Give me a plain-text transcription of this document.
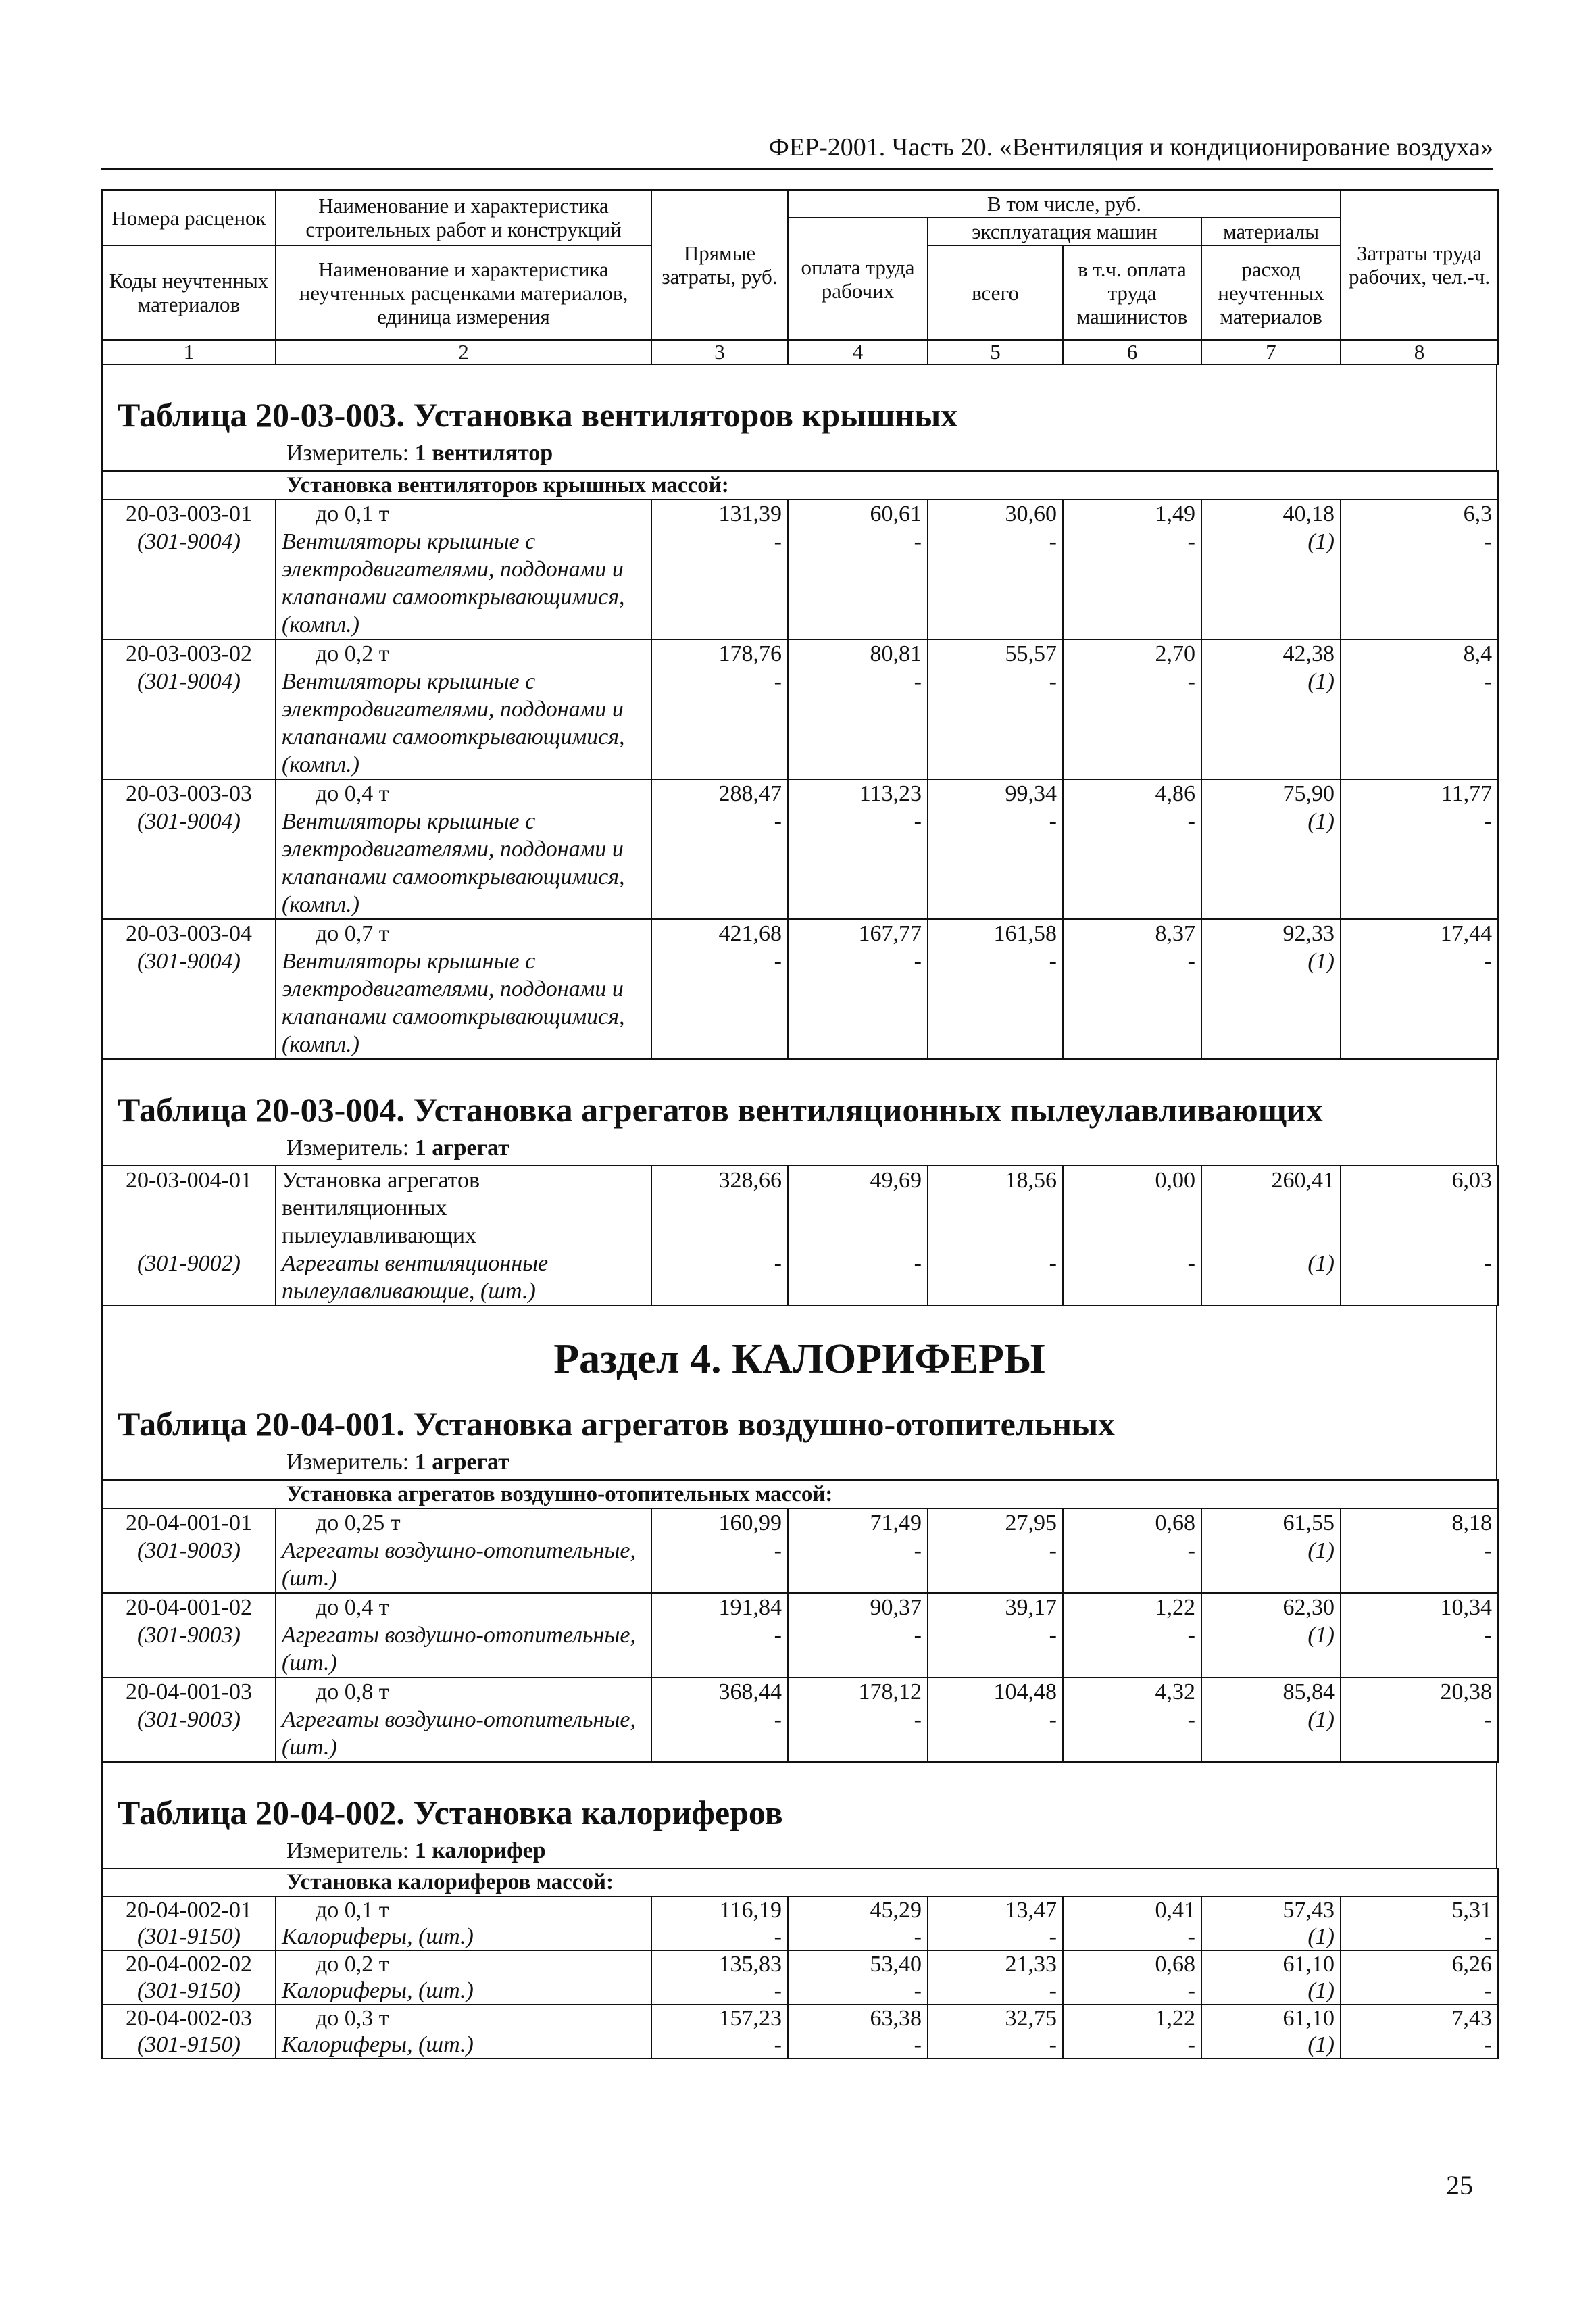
ФЕР-2001. Часть 20. «Вентиляция и кондиционирование воздуха»
Номера расценок	Наименование и характеристика строительных работ и конструкций	Прямые затраты, руб.	В том числе, руб.				Затраты труда рабочих, чел.-ч.
			оплата труда рабочих	эксплуатация машин		материалы	
Коды неучтенных материалов	Наименование и характеристика неучтенных расценками материалов, единица измерения			всего	в т.ч. оплата труда машинистов	расход неучтенных материалов	
1	2	3	4	5	6	7	8
Таблица 20-03-003. Установка вентиляторов крышных
Измеритель: 1 вентилятор
Установка вентиляторов крышных массой:							
20-03-003-01	до 0,1 т	131,39	60,61	30,60	1,49	40,18	6,3
(301-9004)	Вентиляторы крышные с электродвигателями, поддонами и клапанами самооткрывающимися, (компл.)	-	-	-	-	(1)	-
20-03-003-02	до 0,2 т	178,76	80,81	55,57	2,70	42,38	8,4
(301-9004)	Вентиляторы крышные с электродвигателями, поддонами и клапанами самооткрывающимися, (компл.)	-	-	-	-	(1)	-
20-03-003-03	до 0,4 т	288,47	113,23	99,34	4,86	75,90	11,77
(301-9004)	Вентиляторы крышные с электродвигателями, поддонами и клапанами самооткрывающимися, (компл.)	-	-	-	-	(1)	-
20-03-003-04	до 0,7 т	421,68	167,77	161,58	8,37	92,33	17,44
(301-9004)	Вентиляторы крышные с электродвигателями, поддонами и клапанами самооткрывающимися, (компл.)	-	-	-	-	(1)	-
Таблица 20-03-004. Установка агрегатов вентиляционных пылеулавливающих
Измеритель: 1 агрегат
20-03-004-01	Установка агрегатов вентиляционных пылеулавливающих	328,66	49,69	18,56	0,00	260,41	6,03
(301-9002)	Агрегаты вентиляционные пылеулавливающие, (шт.)	-	-	-	-	(1)	-
Раздел 4. КАЛОРИФЕРЫ
Таблица 20-04-001. Установка агрегатов воздушно-отопительных
Измеритель: 1 агрегат
Установка агрегатов воздушно-отопительных массой:							
20-04-001-01	до 0,25 т	160,99	71,49	27,95	0,68	61,55	8,18
(301-9003)	Агрегаты воздушно-отопительные, (шт.)	-	-	-	-	(1)	-
20-04-001-02	до 0,4 т	191,84	90,37	39,17	1,22	62,30	10,34
(301-9003)	Агрегаты воздушно-отопительные, (шт.)	-	-	-	-	(1)	-
20-04-001-03	до 0,8 т	368,44	178,12	104,48	4,32	85,84	20,38
(301-9003)	Агрегаты воздушно-отопительные, (шт.)	-	-	-	-	(1)	-
Таблица 20-04-002. Установка калориферов
Измеритель: 1 калорифер
Установка калориферов массой:							
20-04-002-01	до 0,1 т	116,19	45,29	13,47	0,41	57,43	5,31
(301-9150)	Калориферы, (шт.)	-	-	-	-	(1)	-
20-04-002-02	до 0,2 т	135,83	53,40	21,33	0,68	61,10	6,26
(301-9150)	Калориферы, (шт.)	-	-	-	-	(1)	-
20-04-002-03	до 0,3 т	157,23	63,38	32,75	1,22	61,10	7,43
(301-9150)	Калориферы, (шт.)	-	-	-	-	(1)	-
25
